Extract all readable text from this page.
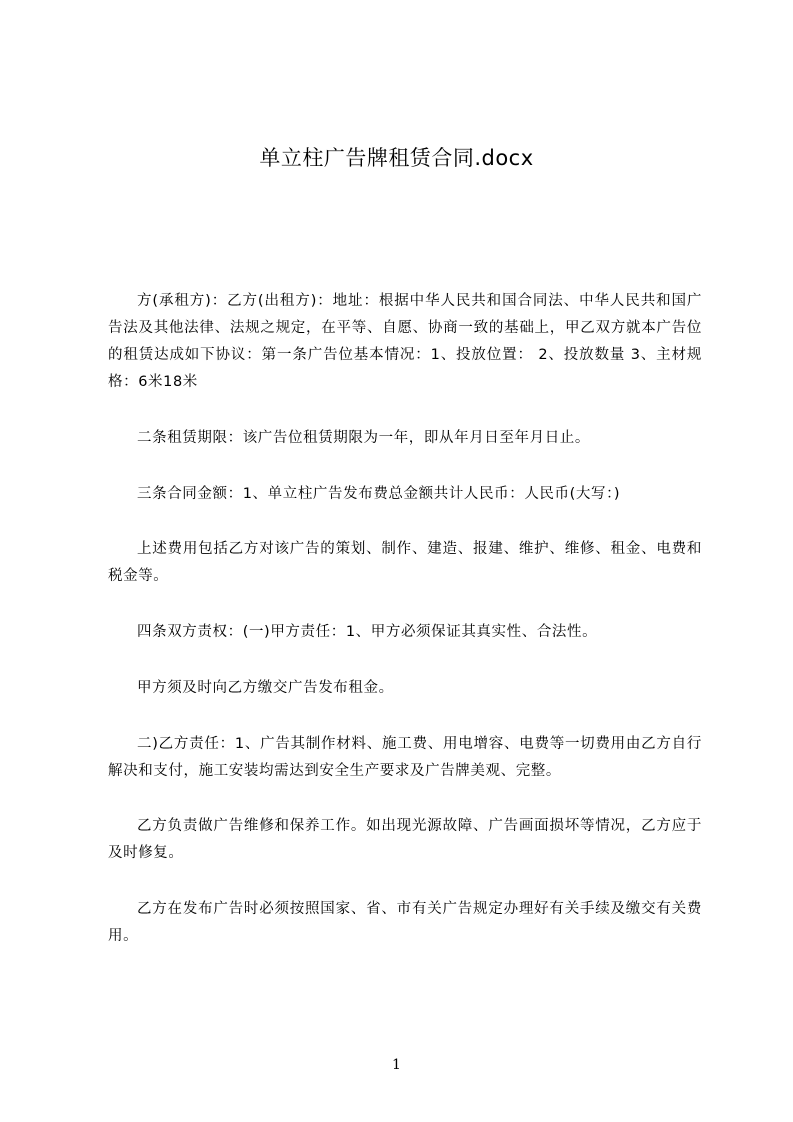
单立柱广告牌租赁合同.docx

方(承租方)：乙方(出租方)：地址：根据中华人民共和国合同法、中华人民共和国广告法及其他法律、法规之规定，在平等、自愿、协商一致的基础上，甲乙双方就本广告位的租赁达成如下协议：第一条广告位基本情况：1、投放位置： 2、投放数量 3、主材规格：6米18米

二条租赁期限：该广告位租赁期限为一年，即从年月日至年月日止。

三条合同金额：1、单立柱广告发布费总金额共计人民币：人民币(大写：)

上述费用包括乙方对该广告的策划、制作、建造、报建、维护、维修、租金、电费和税金等。

四条双方责权：(一)甲方责任：1、甲方必须保证其真实性、合法性。

甲方须及时向乙方缴交广告发布租金。

二)乙方责任：1、广告其制作材料、施工费、用电增容、电费等一切费用由乙方自行解决和支付，施工安装均需达到安全生产要求及广告牌美观、完整。

乙方负责做广告维修和保养工作。如出现光源故障、广告画面损坏等情况，乙方应于及时修复。

乙方在发布广告时必须按照国家、省、市有关广告规定办理好有关手续及缴交有关费用。

1
